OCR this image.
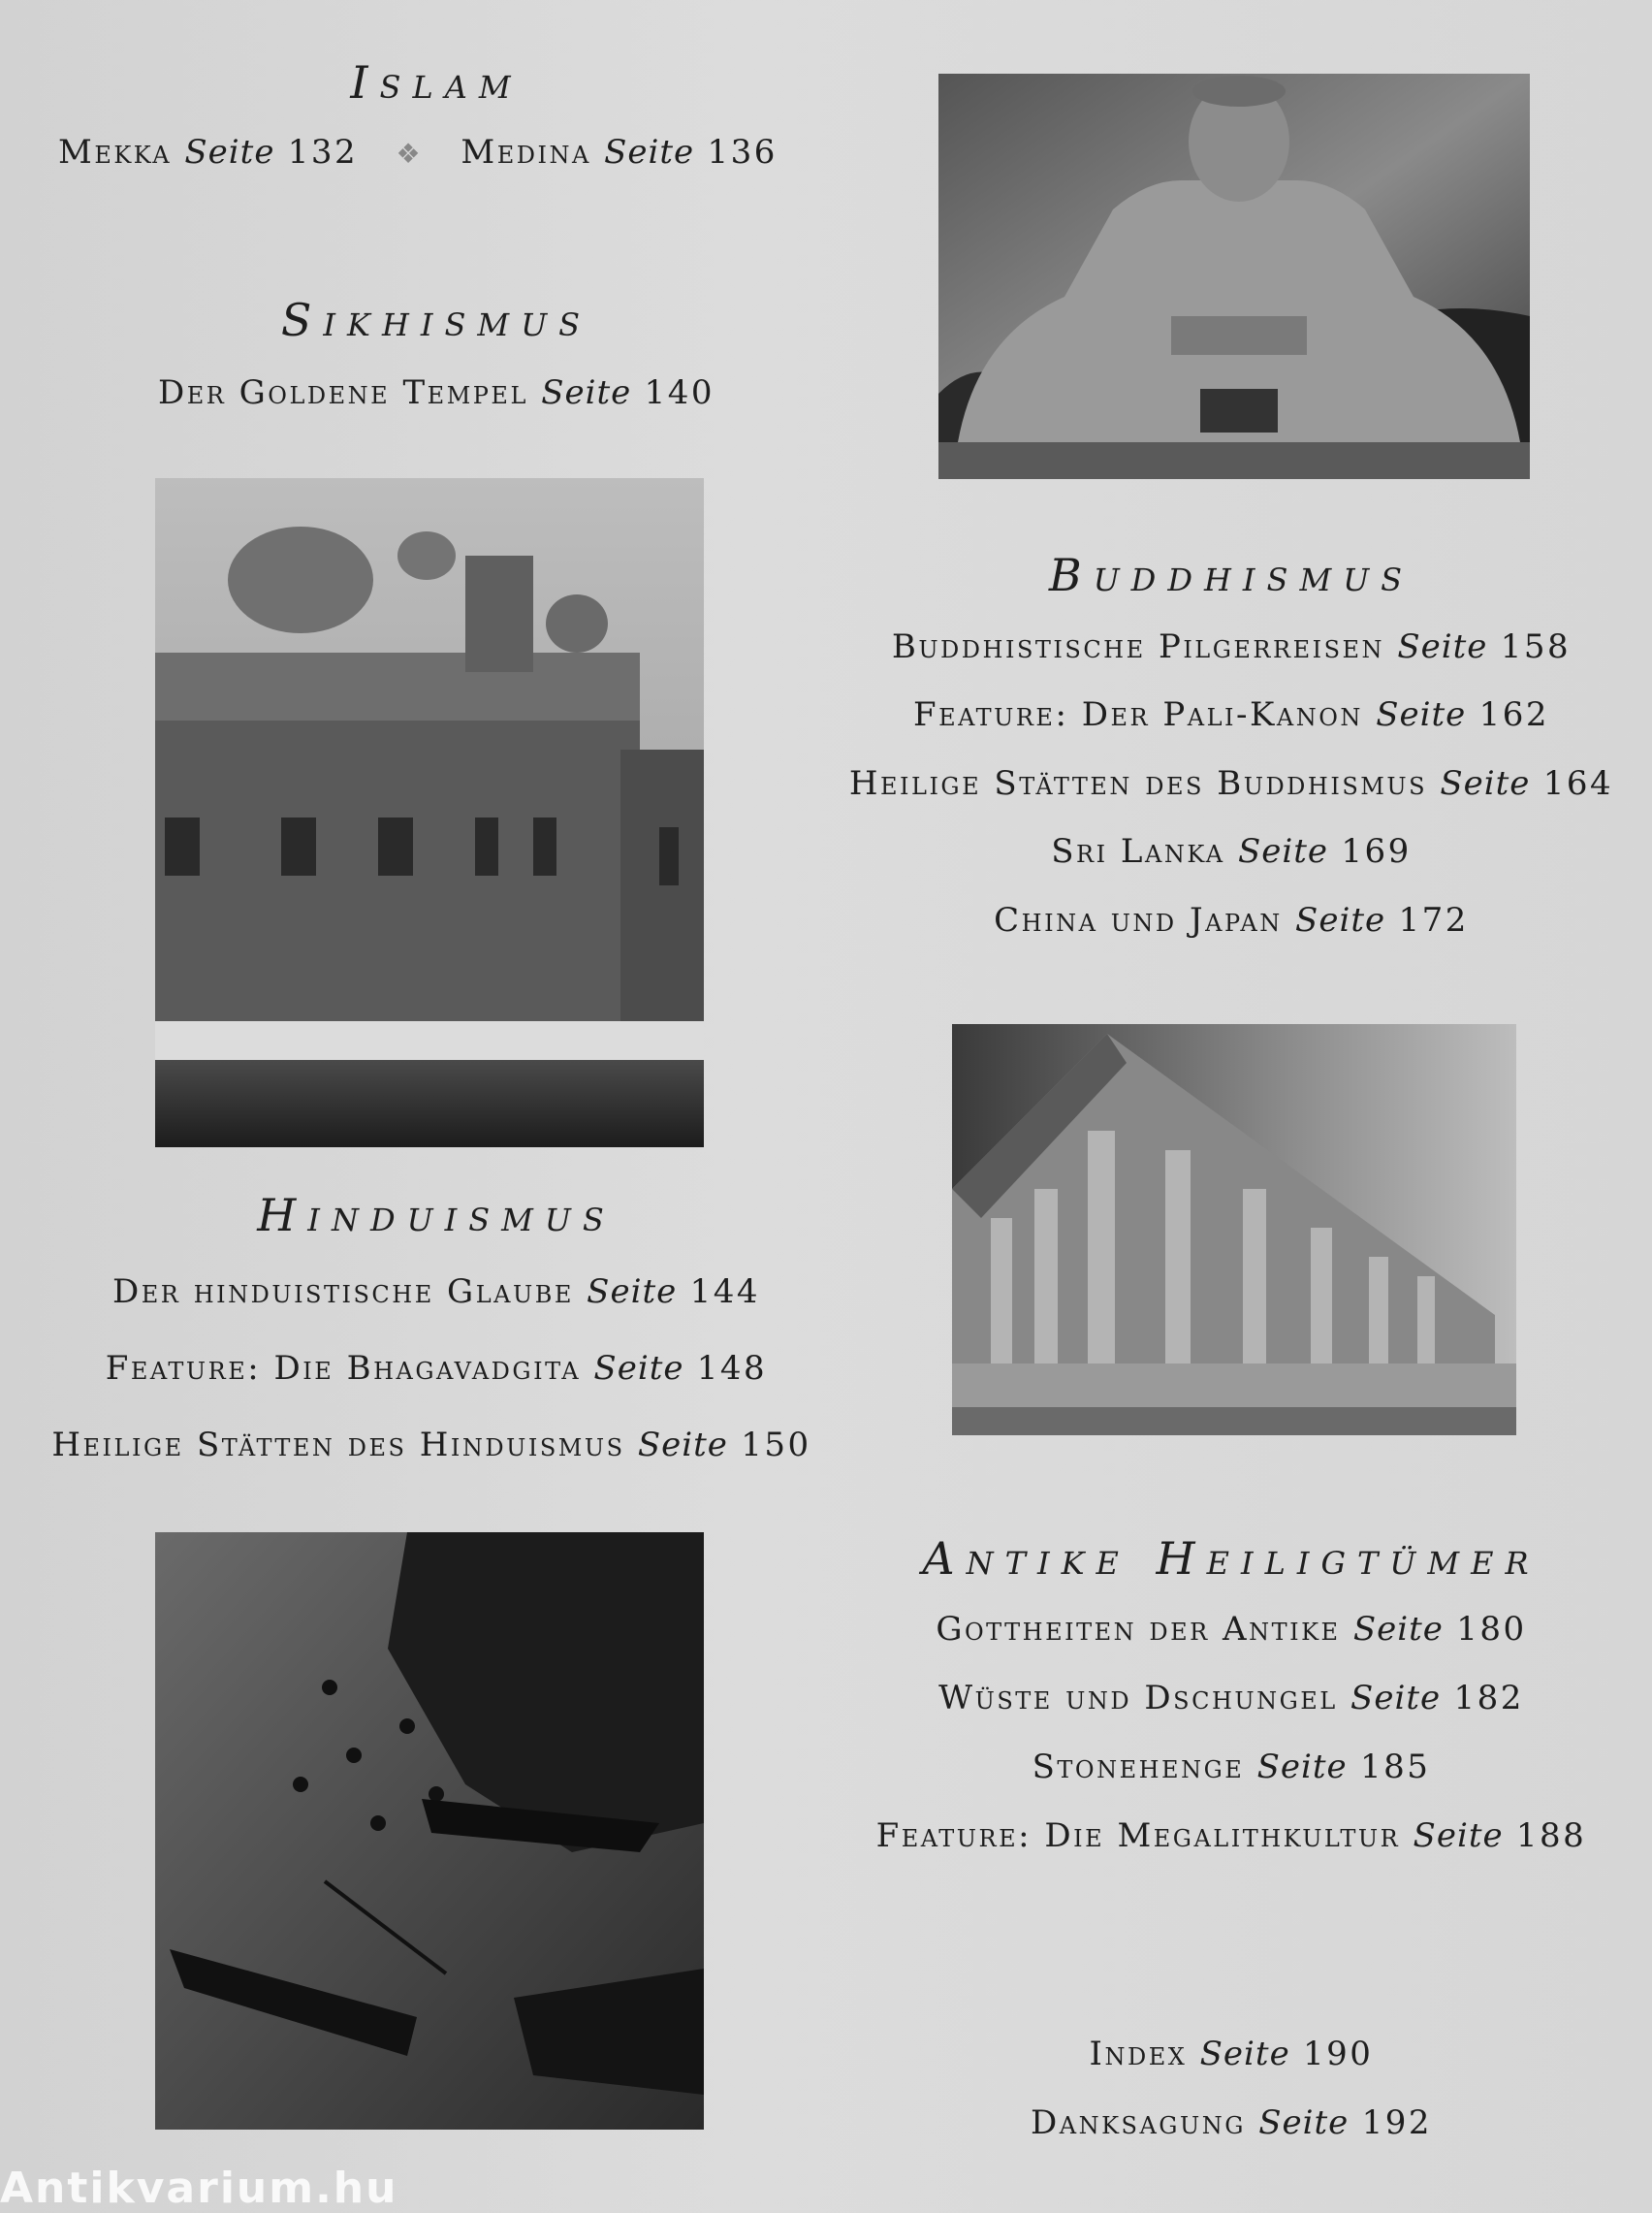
Islam
Mekka Seite 132 ❖ Medina Seite 136
Sikhismus
Der Goldene Tempel Seite 140
Hinduismus
Der hinduistische Glaube Seite 144
Feature: Die Bhagavadgita Seite 148
Heilige Stätten des Hinduismus Seite 150
Buddhismus
Buddhistische Pilgerreisen Seite 158
Feature: Der Pali-Kanon Seite 162
Heilige Stätten des Buddhismus Seite 164
Sri Lanka Seite 169
China und Japan Seite 172
Antike Heiligtümer
Gottheiten der Antike Seite 180
Wüste und Dschungel Seite 182
Stonehenge Seite 185
Feature: Die Megalithkultur Seite 188
Index Seite 190
Danksagung Seite 192
Antikvarium.hu
